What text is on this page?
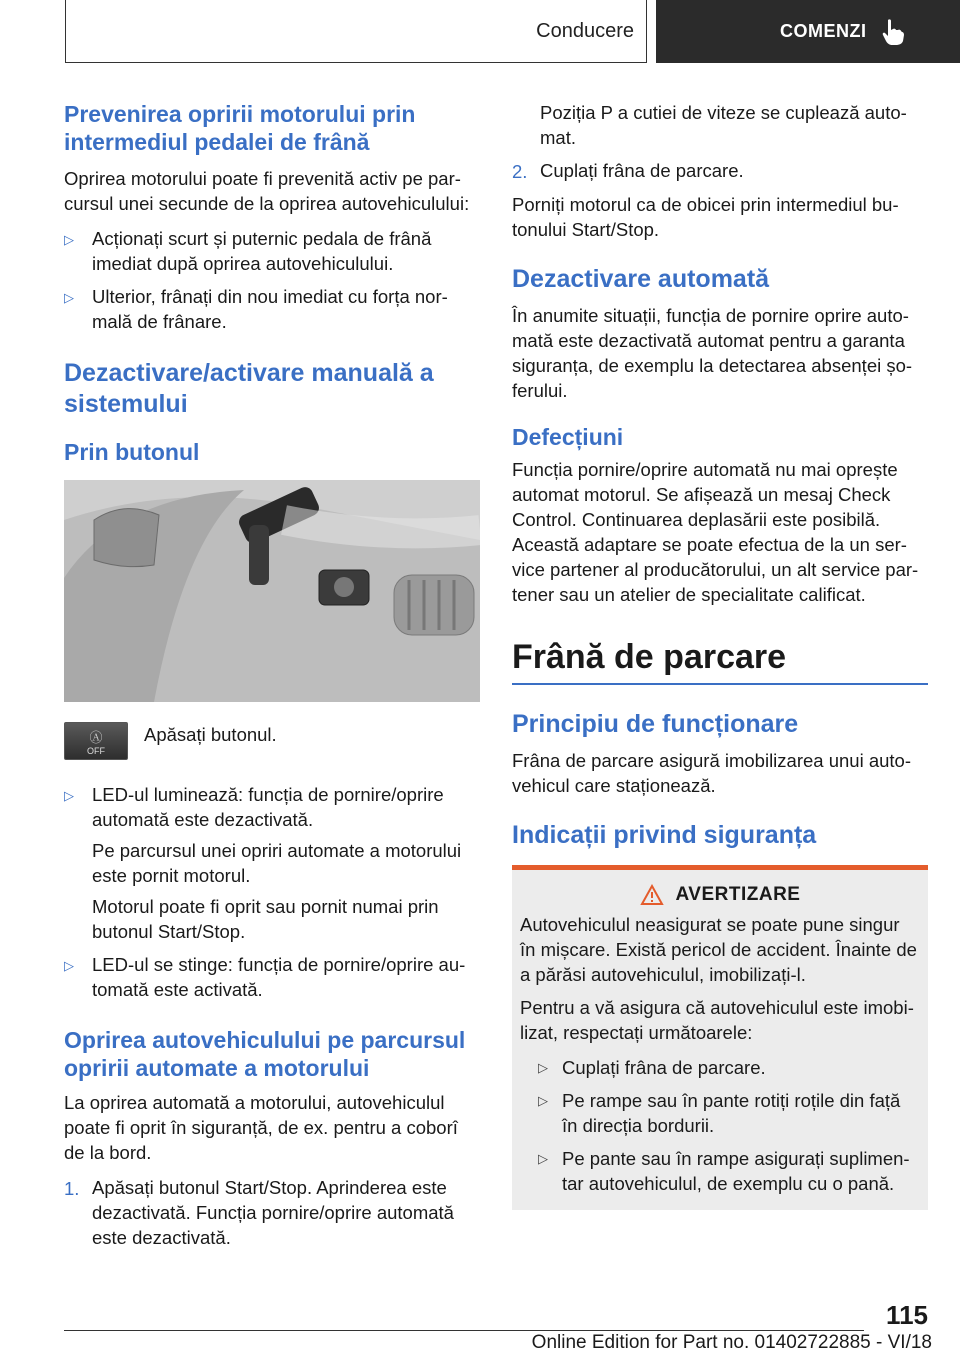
Conducere	COMENZI
Prevenirea opririi motorului prin intermediul pedalei de frână

Oprirea motorului poate fi prevenită activ pe parcursul unei secunde de la oprirea autovehiculului:

▷ Acționați scurt și puternic pedala de frână imediat după oprirea autovehiculului.
▷ Ulterior, frânați din nou imediat cu forța normală de frânare.
Dezactivare/activare manuală a sistemului
Prin butonul
Ⓐ
OFF

Apăsați butonul.

▷ LED-ul luminează: funcția de pornire/oprire automată este dezactivată.

Pe parcursul unei opriri automate a motorului este pornit motorul.

Motorul poate fi oprit sau pornit numai prin butonul Start/Stop.

▷ LED-ul se stinge: funcția de pornire/oprire automată este activată.
Oprirea autovehiculului pe parcursul opririi automate a motorului

La oprirea automată a motorului, autovehiculul poate fi oprit în siguranță, de ex. pentru a coborî de la bord.

1. Apăsați butonul Start/Stop. Aprinderea este dezactivată. Funcția pornire/oprire automată este dezactivată.

Poziția P a cutiei de viteze se cuplează automat.

2. Cuplați frâna de parcare.

Porniți motorul ca de obicei prin intermediul butonului Start/Stop.

Dezactivare automată

În anumite situații, funcția de pornire oprire automată este dezactivată automat pentru a garanta siguranța, de exemplu la detectarea absenței șoferului.

Defecțiuni

Funcția pornire/oprire automată nu mai oprește automat motorul. Se afișează un mesaj Check Control. Continuarea deplasării este posibilă. Această adaptare se poate efectua de la un service partener al producătorului, un alt service partener sau un atelier de specialitate calificat.

Frână de parcare
Principiu de funcționare

Frâna de parcare asigură imobilizarea unui autovehicul care staționează.

Indicații privind siguranța
AVERTIZARE

Autovehiculul neasigurat se poate pune singur în mișcare. Există pericol de accident. Înainte de a părăsi autovehiculul, imobilizați-l.

Pentru a vă asigura că autovehiculul este imobilizat, respectați următoarele:

▷ Cuplați frâna de parcare.
▷ Pe rampe sau în pante rotiți roțile din față în direcția bordurii.
▷ Pe pante sau în rampe asigurați suplimentar autovehiculul, de exemplu cu o pană.
115
Online Edition for Part no. 01402722885 - VI/18
